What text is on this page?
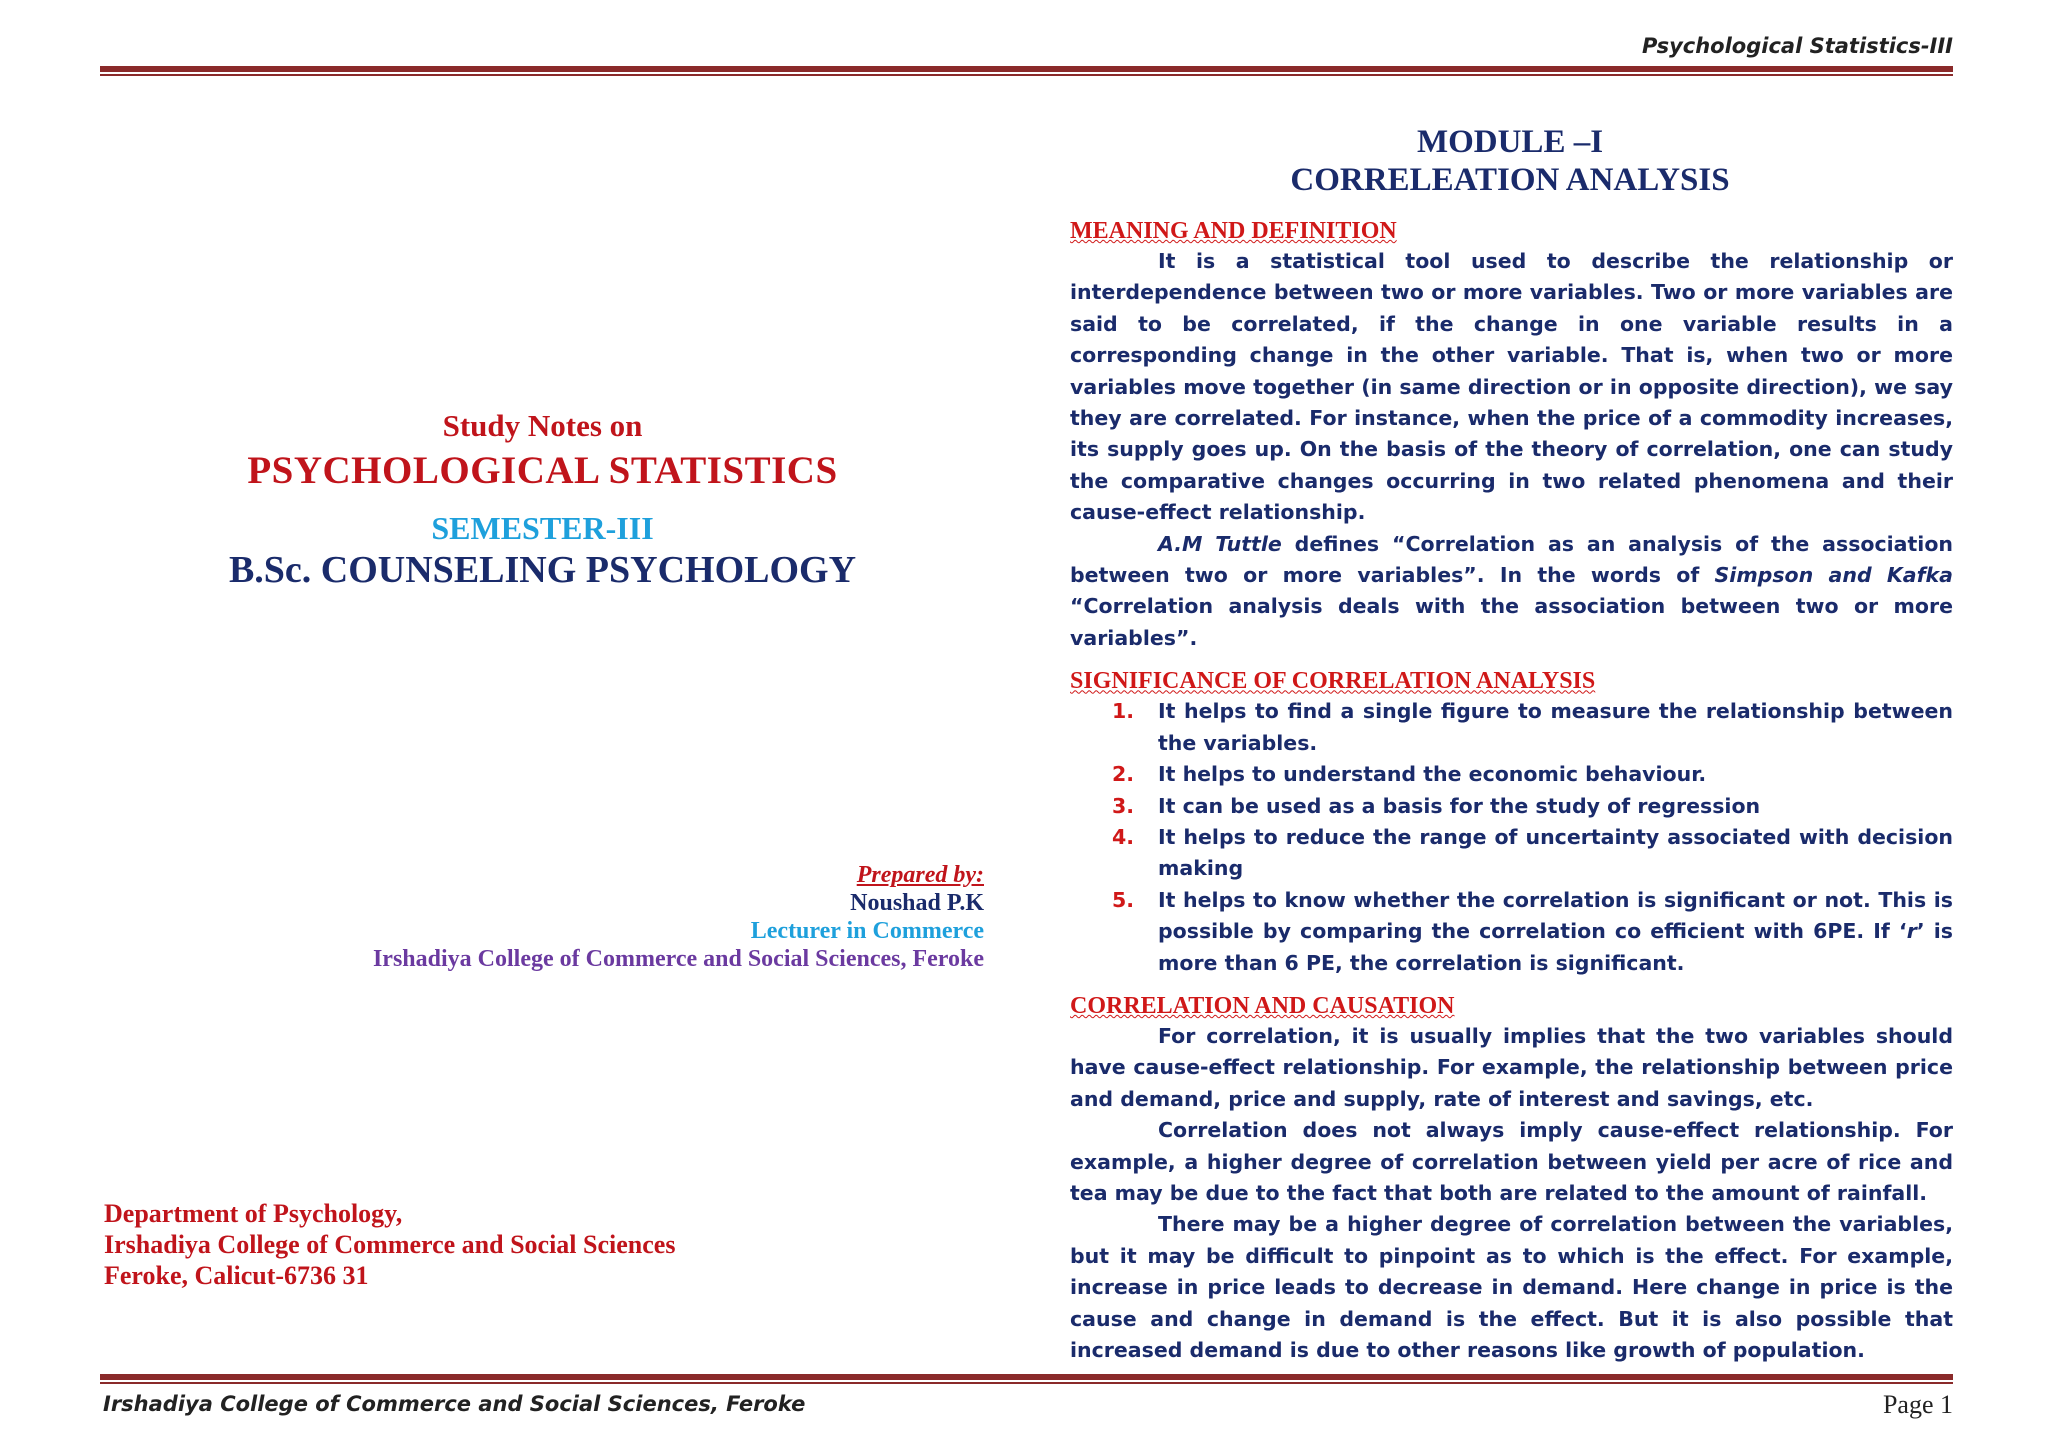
Psychological Statistics-III
Study Notes on
PSYCHOLOGICAL STATISTICS
SEMESTER-III
B.Sc. COUNSELING PSYCHOLOGY
Prepared by:
Noushad P.K
Lecturer in Commerce
Irshadiya College of Commerce and Social Sciences, Feroke
Department of Psychology,
Irshadiya College of Commerce and Social Sciences
Feroke, Calicut-6736 31
MODULE –I
CORRELEATION ANALYSIS
MEANING AND DEFINITION

It is a statistical tool used to describe the relationship or interdependence between two or more variables. Two or more variables are said to be correlated, if the change in one variable results in a corresponding change in the other variable. That is, when two or more variables move together (in same direction or in opposite direction), we say they are correlated. For instance, when the price of a commodity increases, its supply goes up. On the basis of the theory of correlation, one can study the comparative changes occurring in two related phenomena and their cause-effect relationship.

A.M Tuttle defines “Correlation as an analysis of the association between two or more variables”. In the words of Simpson and Kafka “Correlation analysis deals with the association between two or more variables”.

SIGNIFICANCE OF CORRELATION ANALYSIS
1. It helps to find a single figure to measure the relationship between the variables.
2. It helps to understand the economic behaviour.
3. It can be used as a basis for the study of regression
4. It helps to reduce the range of uncertainty associated with decision making
5. It helps to know whether the correlation is significant or not. This is possible by comparing the correlation co efficient with 6PE. If ‘r’ is more than 6 PE, the correlation is significant.
CORRELATION AND CAUSATION

For correlation, it is usually implies that the two variables should have cause-effect relationship. For example, the relationship between price and demand, price and supply, rate of interest and savings, etc.

Correlation does not always imply cause-effect relationship. For example, a higher degree of correlation between yield per acre of rice and tea may be due to the fact that both are related to the amount of rainfall.

There may be a higher degree of correlation between the variables, but it may be difficult to pinpoint as to which is the effect. For example, increase in price leads to decrease in demand. Here change in price is the cause and change in demand is the effect. But it is also possible that increased demand is due to other reasons like growth of population.

Irshadiya College of Commerce and Social Sciences, Feroke	Page 1
